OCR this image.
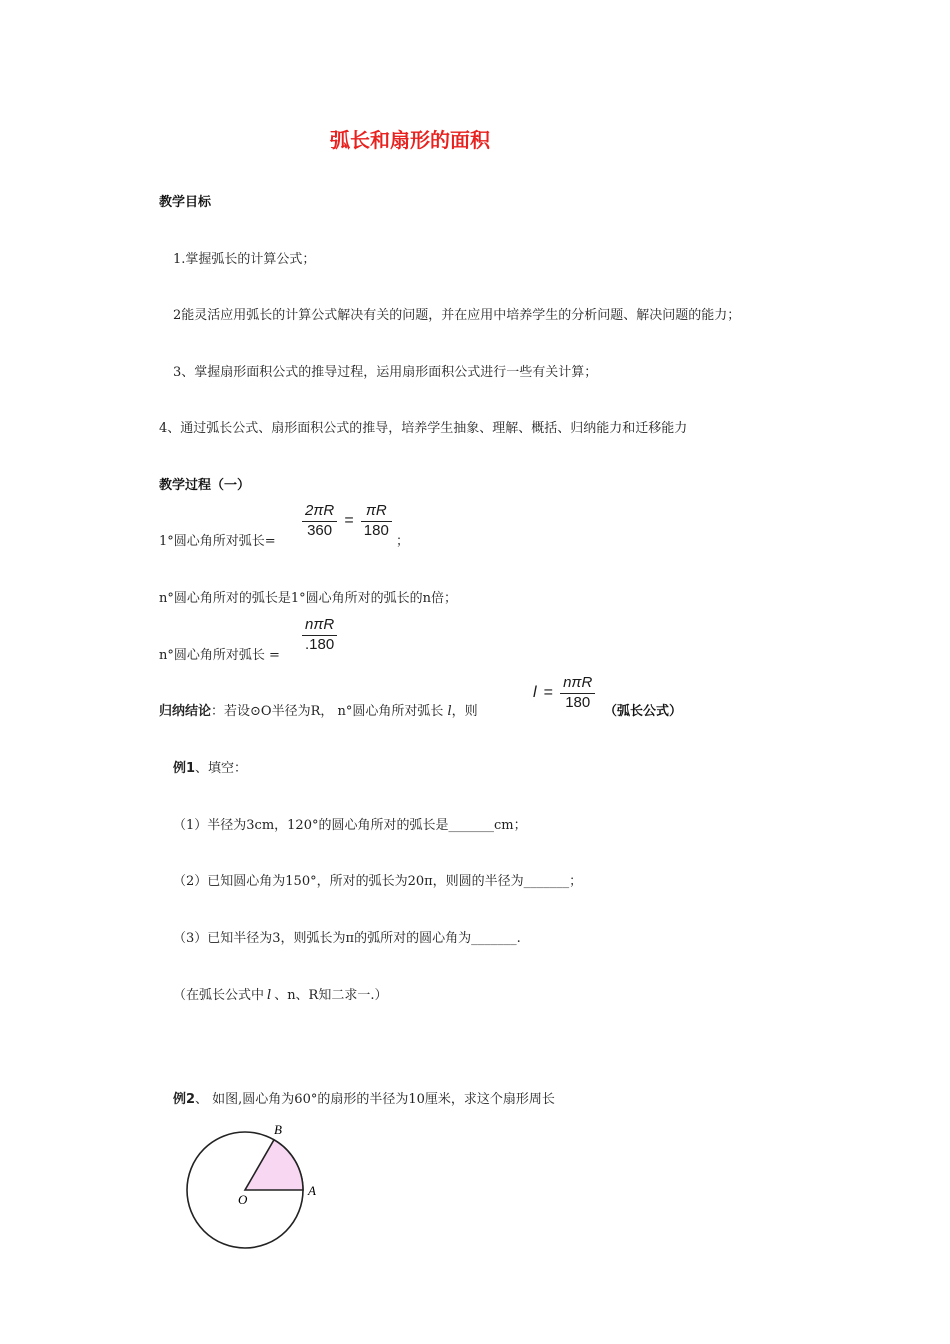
弧长和扇形的面积
教学目标
1.掌握弧长的计算公式；
2能灵活应用弧长的计算公式解决有关的问题，并在应用中培养学生的分析问题、解决问题的能力；
3、掌握扇形面积公式的推导过程，运用扇形面积公式进行一些有关计算；
4、通过弧长公式、扇形面积公式的推导，培养学生抽象、理解、概括、归纳能力和迁移能力
教学过程（一）
1°圆心角所对弧长=
$\frac{2\pi R}{360} = \frac{\pi R}{180}$
；
n°圆心角所对的弧长是1°圆心角所对的弧长的n倍；
n°圆心角所对弧长 =
$\frac{\text{nπR}}{.180}$
归纳结论：若设⊙O半径为R， n°圆心角所对弧长 l，则
$l = \frac{\text{nπR}}{180}$
（弧长公式）
例1、填空：
（1）半径为3cm，120°的圆心角所对的弧长是_______cm；
（2）已知圆心角为150°，所对的弧长为20π，则圆的半径为_______；
（3）已知半径为3，则弧长为π的弧所对的圆心角为_______.
（在弧长公式中 l 、n、R知二求一.）
例2、 如图,圆心角为60°的扇形的半径为10厘米，求这个扇形周长
O
A
B
